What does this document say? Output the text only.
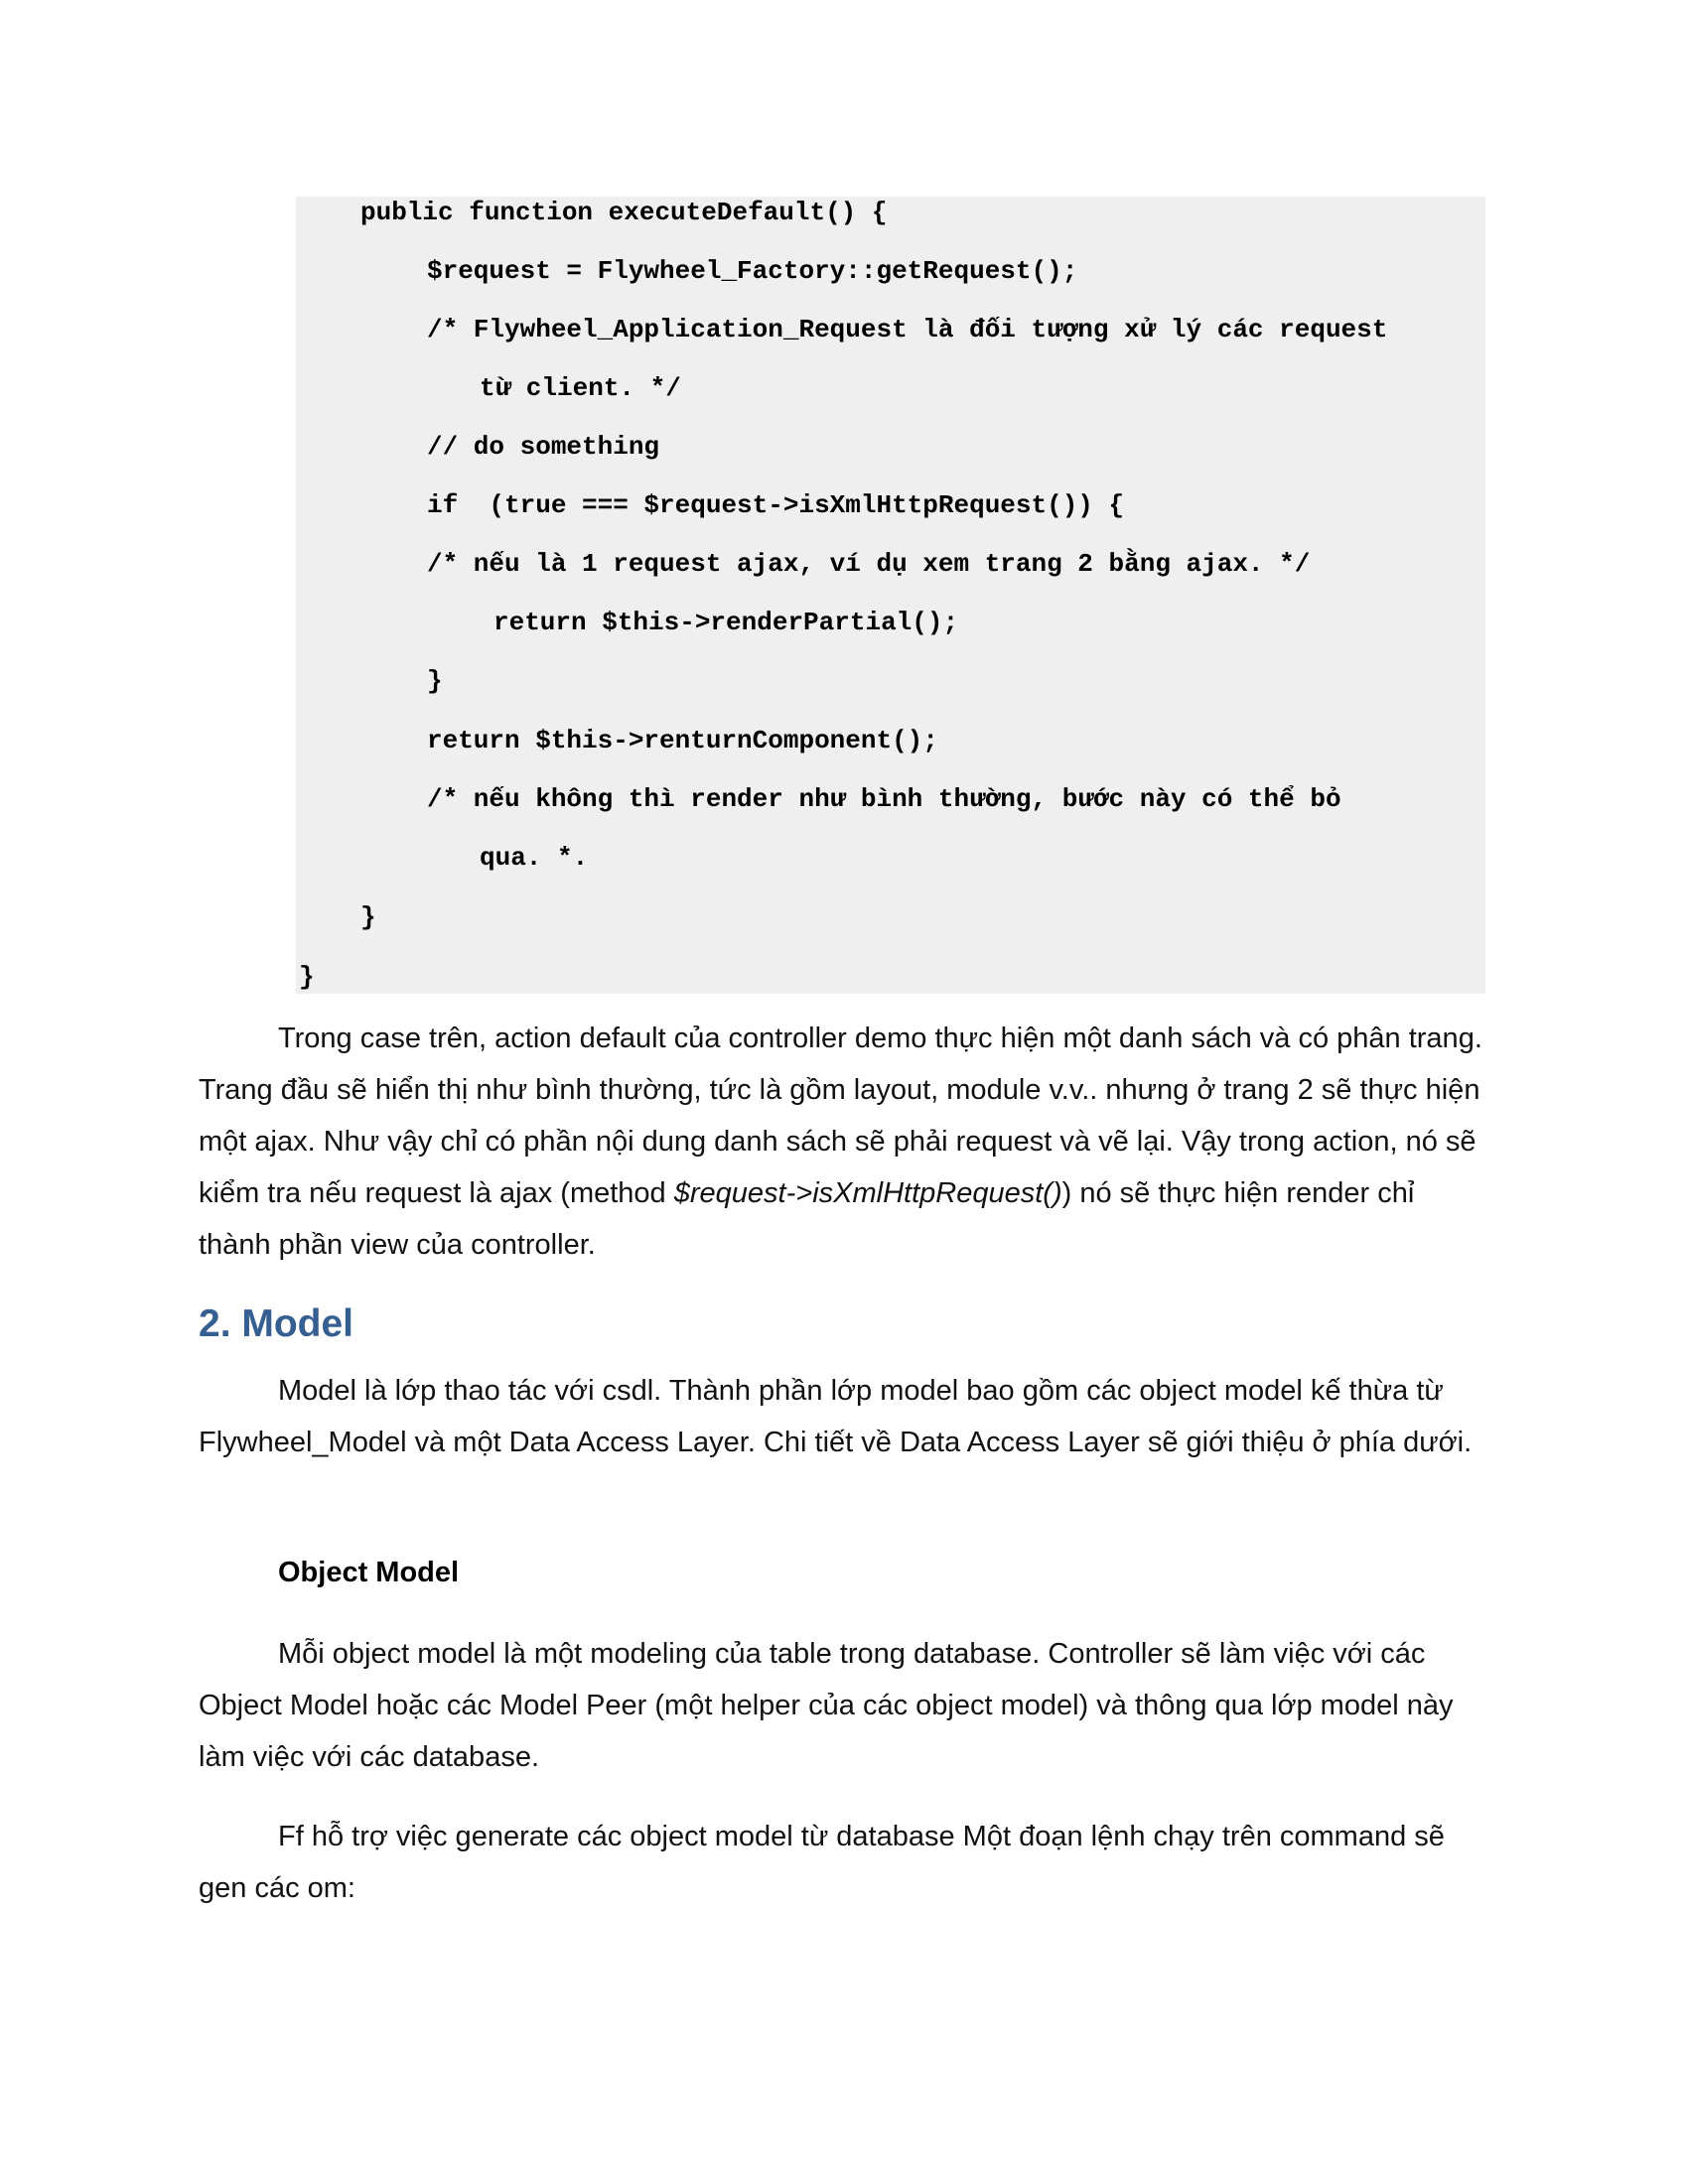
public function executeDefault() {
$request = Flywheel_Factory::getRequest();
/* Flywheel_Application_Request là đối tượng xử lý các request
từ client. */
// do something
if  (true === $request->isXmlHttpRequest()) {
/* nếu là 1 request ajax, ví dụ xem trang 2 bằng ajax. */
return $this->renderPartial();
}
return $this->renturnComponent();
/* nếu không thì render như bình thường, bước này có thể bỏ
qua. *.
}
}

Trong case trên, action default của controller demo thực hiện một danh sách và có phân trang. Trang đầu sẽ hiển thị như bình thường, tức là gồm layout, module v.v.. nhưng ở trang 2 sẽ thực hiện một ajax. Như vậy chỉ có phần nội dung danh sách sẽ phải request và vẽ lại. Vậy trong action, nó sẽ kiểm tra nếu request là ajax (method $request->isXmlHttpRequest()) nó sẽ thực hiện render chỉ thành phần view của controller.

2. Model

Model là lớp thao tác với csdl. Thành phần lớp model bao gồm các object model kế thừa từ Flywheel_Model và một Data Access Layer. Chi tiết về Data Access Layer sẽ giới thiệu ở phía dưới.

Object Model

Mỗi object model là một modeling của table trong database. Controller sẽ làm việc với các Object Model hoặc các Model Peer (một helper của các object model) và thông qua lớp model này làm việc với các database.

Ff hỗ trợ việc generate các object model từ database Một đoạn lệnh chạy trên command sẽ gen các om:
